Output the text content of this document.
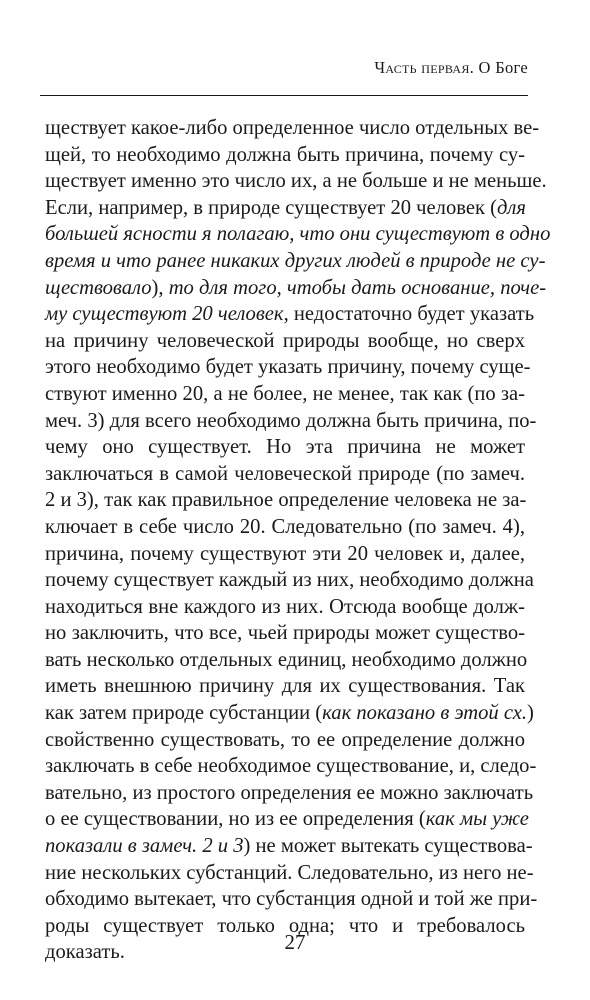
Часть первая. О Боге
ществует какое-либо определенное число отдельных ве-
щей, то необходимо должна быть причина, почему су-
ществует именно это число их, а не больше и не меньше.
Если, например, в природе существует 20 человек (для
большей ясности я полагаю, что они существуют в одно
время и что ранее никаких других людей в природе не су-
ществовало), то для того, чтобы дать основание, поче-
му существуют 20 человек, недостаточно будет указать
на причину человеческой природы вообще, но сверх
этого необходимо будет указать причину, почему суще-
ствуют именно 20, а не более, не менее, так как (по за-
меч. 3) для всего необходимо должна быть причина, по-
чему оно существует. Но эта причина не может
заключаться в самой человеческой природе (по замеч.
2 и 3), так как правильное определение человека не за-
ключает в себе число 20. Следовательно (по замеч. 4),
причина, почему существуют эти 20 человек и, далее,
почему существует каждый из них, необходимо должна
находиться вне каждого из них. Отсюда вообще долж-
но заключить, что все, чьей природы может существо-
вать несколько отдельных единиц, необходимо должно
иметь внешнюю причину для их существования. Так
как затем природе субстанции (как показано в этой сх.)
свойственно существовать, то ее определение должно
заключать в себе необходимое существование, и, следо-
вательно, из простого определения ее можно заключать
о ее существовании, но из ее определения (как мы уже
показали в замеч. 2 и 3) не может вытекать существова-
ние нескольких субстанций. Следовательно, из него не-
обходимо вытекает, что субстанция одной и той же при-
роды существует только одна; что и требовалось
доказать.	27
